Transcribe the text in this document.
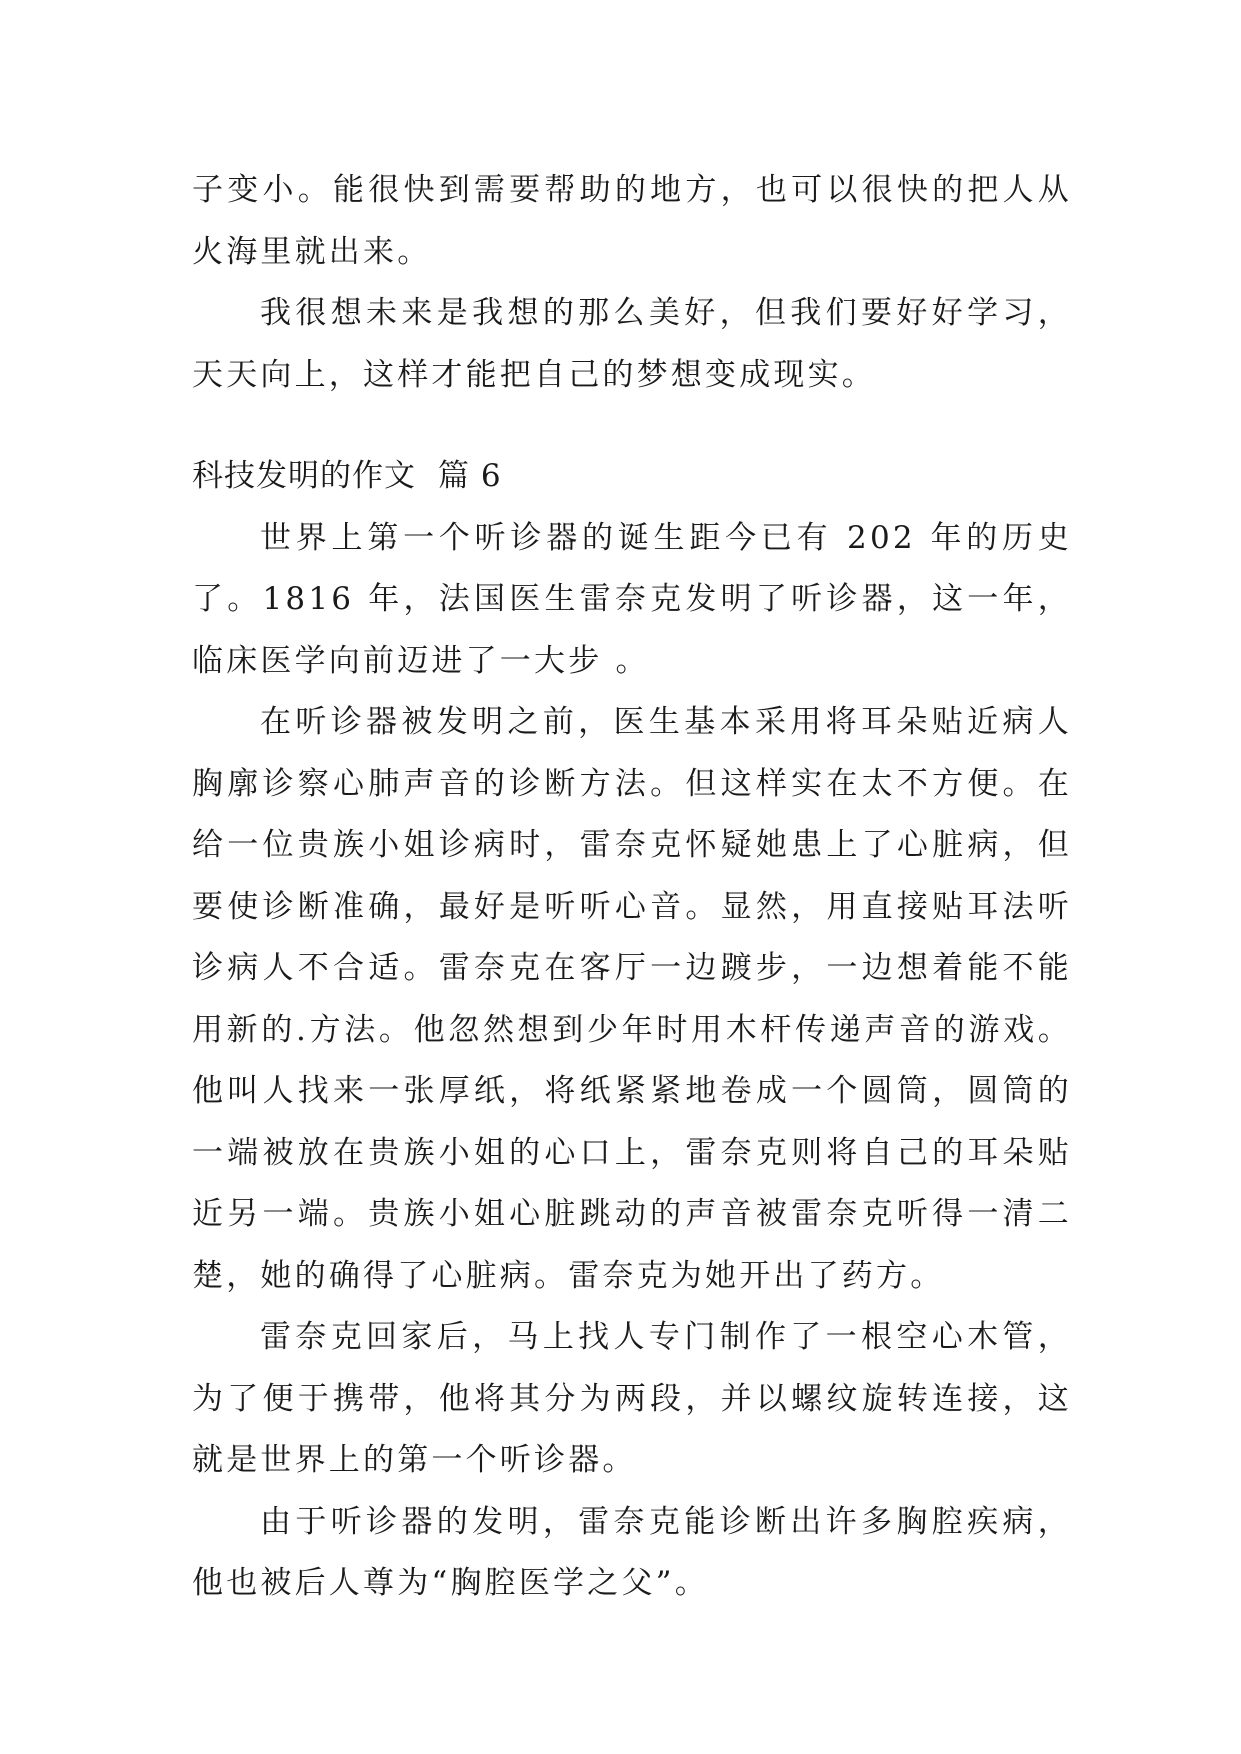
子变小。能很快到需要帮助的地方，也可以很快的把人从火海里就出来。

我很想未来是我想的那么美好，但我们要好好学习，天天向上，这样才能把自己的梦想变成现实。

科技发明的作文 篇 6

世界上第一个听诊器的诞生距今已有 202 年的历史了。1816 年，法国医生雷奈克发明了听诊器，这一年，临床医学向前迈进了一大步 。

在听诊器被发明之前，医生基本采用将耳朵贴近病人胸廓诊察心肺声音的诊断方法。但这样实在太不方便。在给一位贵族小姐诊病时，雷奈克怀疑她患上了心脏病，但要使诊断准确，最好是听听心音。显然，用直接贴耳法听诊病人不合适。雷奈克在客厅一边踱步，一边想着能不能用新的.方法。他忽然想到少年时用木杆传递声音的游戏。他叫人找来一张厚纸，将纸紧紧地卷成一个圆筒，圆筒的一端被放在贵族小姐的心口上，雷奈克则将自己的耳朵贴近另一端。贵族小姐心脏跳动的声音被雷奈克听得一清二楚，她的确得了心脏病。雷奈克为她开出了药方。

雷奈克回家后，马上找人专门制作了一根空心木管，为了便于携带，他将其分为两段，并以螺纹旋转连接，这就是世界上的第一个听诊器。

由于听诊器的发明，雷奈克能诊断出许多胸腔疾病，他也被后人尊为“胸腔医学之父”。
